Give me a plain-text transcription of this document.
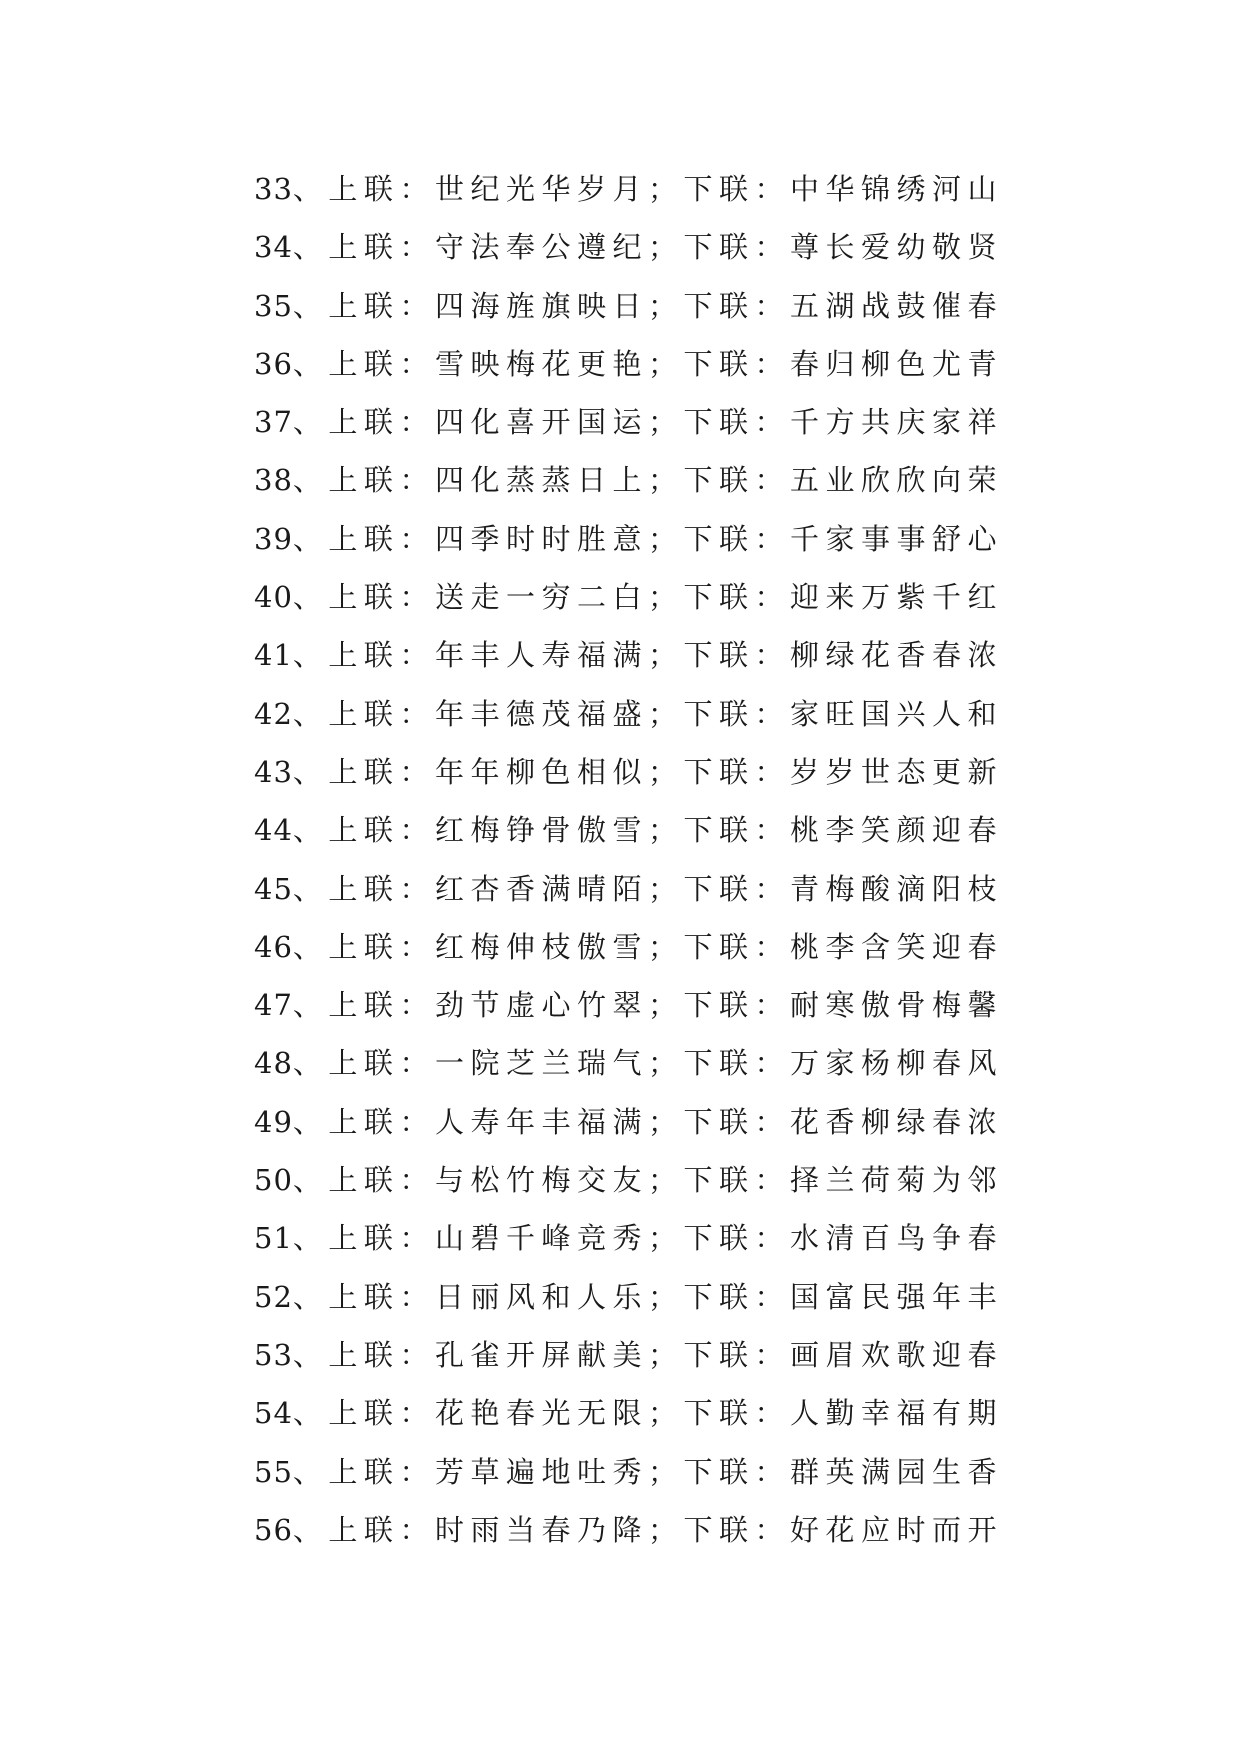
33、上联：世纪光华岁月；下联：中华锦绣河山
34、上联：守法奉公遵纪；下联：尊长爱幼敬贤
35、上联：四海旌旗映日；下联：五湖战鼓催春
36、上联：雪映梅花更艳；下联：春归柳色尤青
37、上联：四化喜开国运；下联：千方共庆家祥
38、上联：四化蒸蒸日上；下联：五业欣欣向荣
39、上联：四季时时胜意；下联：千家事事舒心
40、上联：送走一穷二白；下联：迎来万紫千红
41、上联：年丰人寿福满；下联：柳绿花香春浓
42、上联：年丰德茂福盛；下联：家旺国兴人和
43、上联：年年柳色相似；下联：岁岁世态更新
44、上联：红梅铮骨傲雪；下联：桃李笑颜迎春
45、上联：红杏香满晴陌；下联：青梅酸滴阳枝
46、上联：红梅伸枝傲雪；下联：桃李含笑迎春
47、上联：劲节虚心竹翠；下联：耐寒傲骨梅馨
48、上联：一院芝兰瑞气；下联：万家杨柳春风
49、上联：人寿年丰福满；下联：花香柳绿春浓
50、上联：与松竹梅交友；下联：择兰荷菊为邻
51、上联：山碧千峰竞秀；下联：水清百鸟争春
52、上联：日丽风和人乐；下联：国富民强年丰
53、上联：孔雀开屏献美；下联：画眉欢歌迎春
54、上联：花艳春光无限；下联：人勤幸福有期
55、上联：芳草遍地吐秀；下联：群英满园生香
56、上联：时雨当春乃降；下联：好花应时而开
